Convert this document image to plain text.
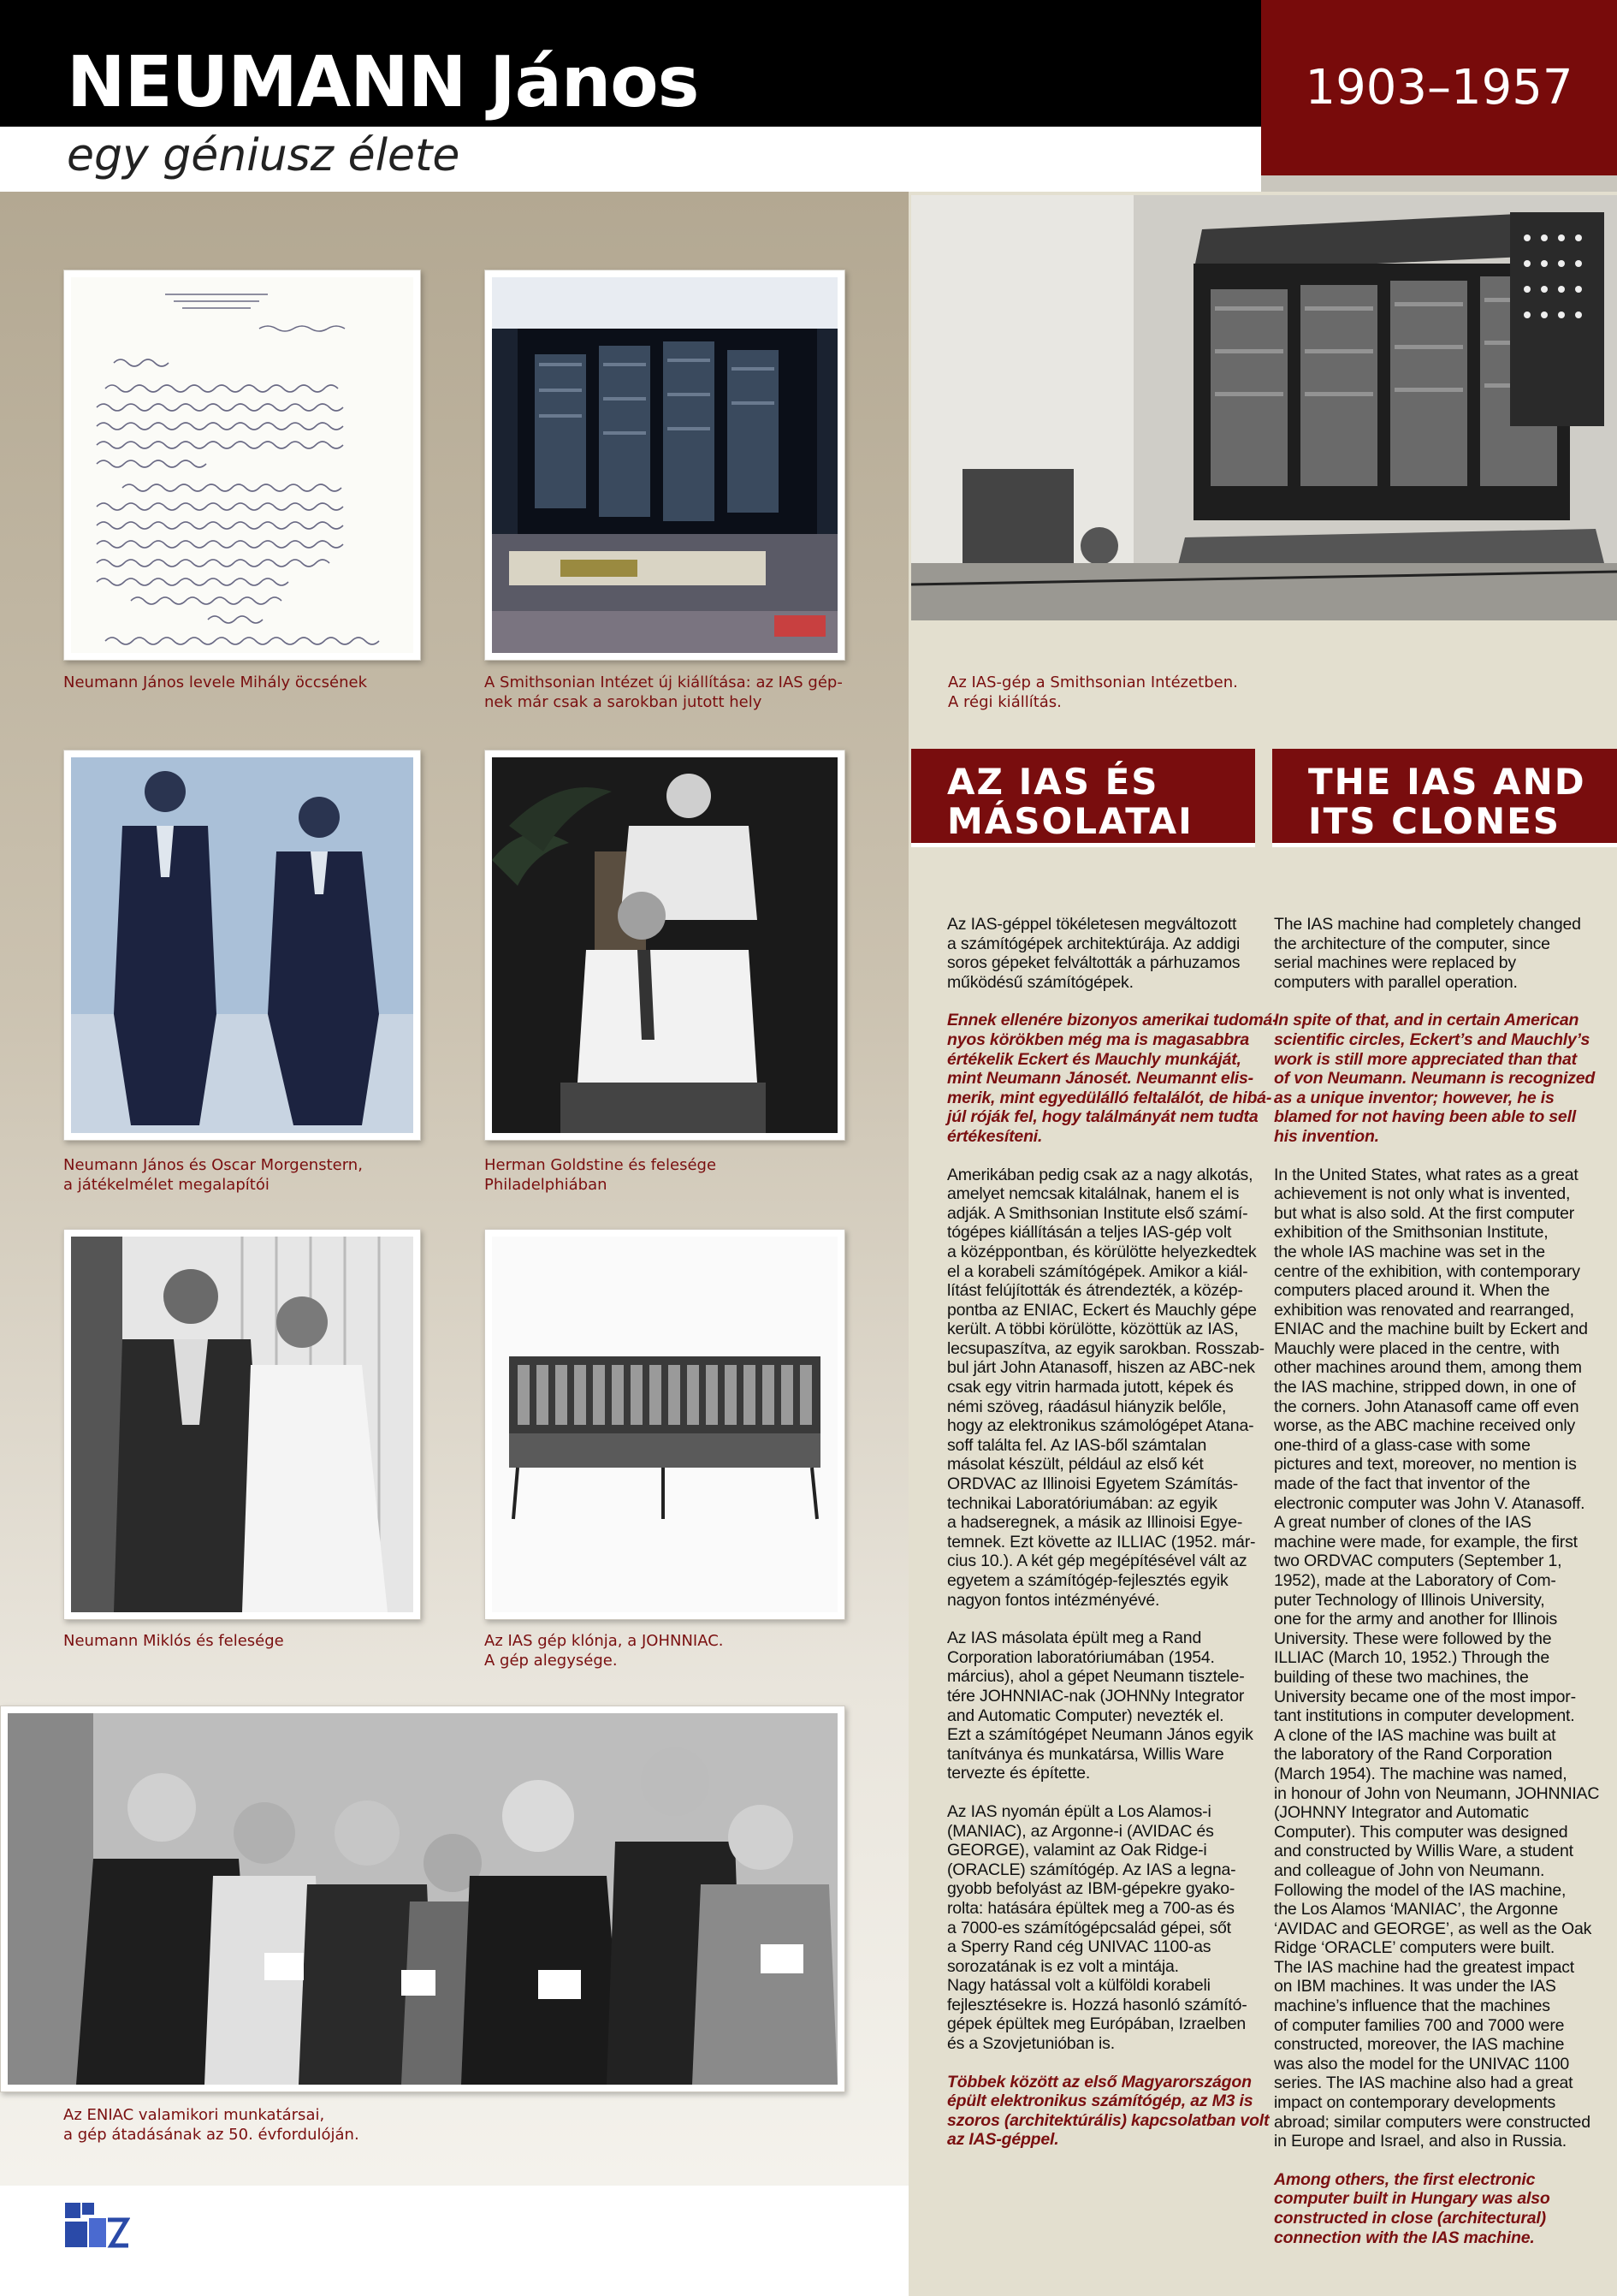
NEUMANN János
egy géniusz élete
1903–1957
Neumann János levele Mihály öccsének	A Smithsonian Intézet új kiállítása: az IAS gép-
nek már csak a sarokban jutott hely
Az IAS-gép a Smithsonian Intézetben.
A régi kiállítás.
Neumann János és Oscar Morgenstern,
a játékelmélet megalapítói
Herman Goldstine és felesége
Philadelphiában
Neumann Miklós és felesége	Az IAS gép klónja, a JOHNNIAC.
A gép alegysége.
Az ENIAC valamikori munkatársai,
a gép átadásának az 50. évfordulóján.
AZ IAS ÉS
MÁSOLATAI
THE IAS AND
ITS CLONES

Az IAS-géppel tökéletesen megváltozott
a számítógépek architektúrája. Az addigi
soros gépeket felváltották a párhuzamos
működésű számítógépek.

Ennek ellenére bizonyos amerikai tudomá-
nyos körökben még ma is magasabbra
értékelik Eckert és Mauchly munkáját,
mint Neumann Jánosét. Neumannt elis-
merik, mint egyedülálló feltalálót, de hibá-
júl róják fel, hogy találmányát nem tudta
értékesíteni.

Amerikában pedig csak az a nagy alkotás,
amelyet nemcsak kitalálnak, hanem el is
adják. A Smithsonian Institute első számí-
tógépes kiállításán a teljes IAS-gép volt
a középpontban, és körülötte helyezkedtek
el a korabeli számítógépek. Amikor a kiál-
lítást felújították és átrendezték, a közép-
pontba az ENIAC, Eckert és Mauchly gépe
került. A többi körülötte, közöttük az IAS,
lecsupaszítva, az egyik sarokban. Rosszab-
bul járt John Atanasoff, hiszen az ABC-nek
csak egy vitrin harmada jutott, képek és
némi szöveg, ráadásul hiányzik belőle,
hogy az elektronikus számológépet Atana-
soff találta fel. Az IAS-ből számtalan
másolat készült, például az első két
ORDVAC az Illinoisi Egyetem Számítás-
technikai Laboratóriumában: az egyik
a hadseregnek, a másik az Illinoisi Egye-
temnek. Ezt követte az ILLIAC (1952. már-
cius 10.). A két gép megépítésével vált az
egyetem a számítógép-fejlesztés egyik
nagyon fontos intézményévé.

Az IAS másolata épült meg a Rand
Corporation laboratóriumában (1954.
március), ahol a gépet Neumann tisztele-
tére JOHNNIAC-nak (JOHNNy Integrator
and Automatic Computer) nevezték el.
Ezt a számítógépet Neumann János egyik
tanítványa és munkatársa, Willis Ware
tervezte és építette.

Az IAS nyomán épült a Los Alamos-i
(MANIAC), az Argonne-i (AVIDAC és
GEORGE), valamint az Oak Ridge-i
(ORACLE) számítógép. Az IAS a legna-
gyobb befolyást az IBM-gépekre gyako-
rolta: hatására épültek meg a 700-as és
a 7000-es számítógépcsalád gépei, sőt
a Sperry Rand cég UNIVAC 1100-as
sorozatának is ez volt a mintája.
Nagy hatással volt a külföldi korabeli
fejlesztésekre is. Hozzá hasonló számító-
gépek épültek meg Európában, Izraelben
és a Szovjetunióban is.

Többek között az első Magyarországon
épült elektronikus számítógép, az M3 is
szoros (architektúrális) kapcsolatban volt
az IAS-géppel.

The IAS machine had completely changed
the architecture of the computer, since
serial machines were replaced by
computers with parallel operation.

In spite of that, and in certain American
scientific circles, Eckert’s and Mauchly’s
work is still more appreciated than that
of von Neumann. Neumann is recognized
as a unique inventor; however, he is
blamed for not having been able to sell
his invention.

In the United States, what rates as a great
achievement is not only what is invented,
but what is also sold. At the first computer
exhibition of the Smithsonian Institute,
the whole IAS machine was set in the
centre of the exhibition, with contemporary
computers placed around it. When the
exhibition was renovated and rearranged,
ENIAC and the machine built by Eckert and
Mauchly were placed in the centre, with
other machines around them, among them
the IAS machine, stripped down, in one of
the corners. John Atanasoff came off even
worse, as the ABC machine received only
one-third of a glass-case with some
pictures and text, moreover, no mention is
made of the fact that inventor of the
electronic computer was John V. Atanasoff.
A great number of clones of the IAS
machine were made, for example, the first
two ORDVAC computers (September 1,
1952), made at the Laboratory of Com-
puter Technology of Illinois University,
one for the army and another for Illinois
University. These were followed by the
ILLIAC (March 10, 1952.) Through the
building of these two machines, the
University became one of the most impor-
tant institutions in computer development.
A clone of the IAS machine was built at
the laboratory of the Rand Corporation
(March 1954). The machine was named,
in honour of John von Neumann, JOHNNIAC
(JOHNNY Integrator and Automatic
Computer). This computer was designed
and constructed by Willis Ware, a student
and colleague of John von Neumann.
Following the model of the IAS machine,
the Los Alamos ‘MANIAC’, the Argonne
‘AVIDAC and GEORGE’, as well as the Oak
Ridge ‘ORACLE’ computers were built.
The IAS machine had the greatest impact
on IBM machines. It was under the IAS
machine’s influence that the machines
of computer families 700 and 7000 were
constructed, moreover, the IAS machine
was also the model for the UNIVAC 1100
series. The IAS machine also had a great
impact on contemporary developments
abroad; similar computers were constructed
in Europe and Israel, and also in Russia.

Among others, the first electronic
computer built in Hungary was also
constructed in close (architectural)
connection with the IAS machine.
